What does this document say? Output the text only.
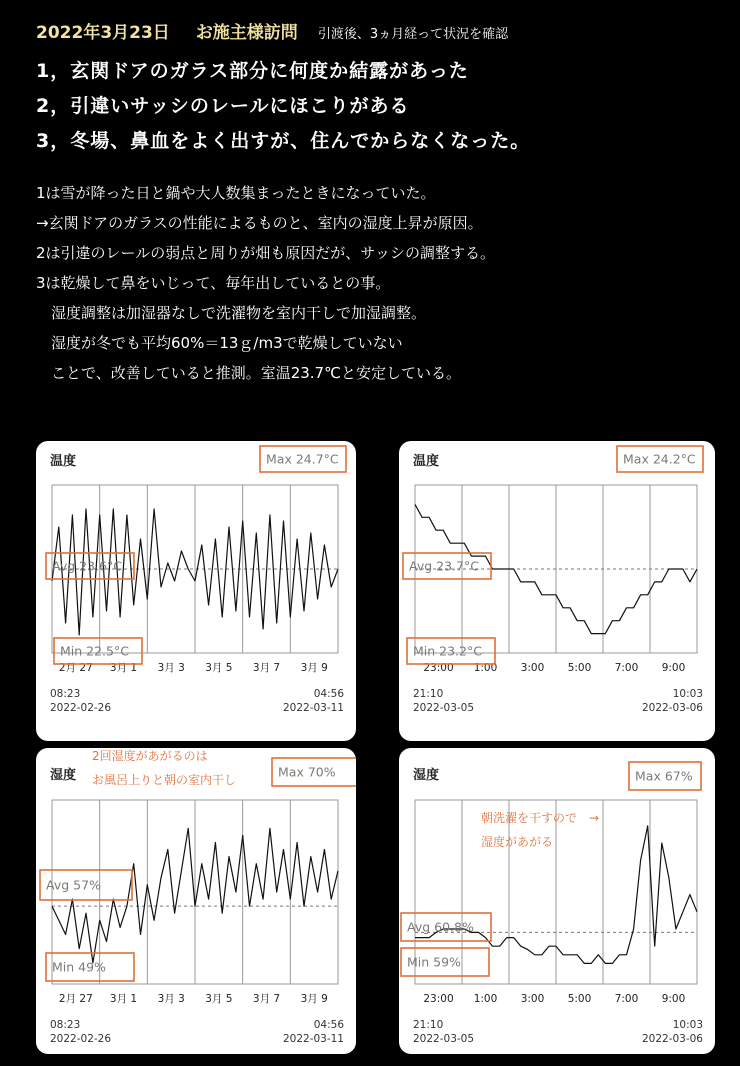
2022年3月23日 お施主様訪問 引渡後、3ヵ月経って状況を確認
1，玄関ドアのガラス部分に何度か結露があった
2，引違いサッシのレールにほこりがある
3，冬場、鼻血をよく出すが、住んでからなくなった。
1は雪が降った日と鍋や大人数集まったときになっていた。
→玄関ドアのガラスの性能によるものと、室内の湿度上昇が原因。
2は引違のレールの弱点と周りが畑も原因だが、サッシの調整する。
3は乾燥して鼻をいじって、毎年出しているとの事。
　湿度調整は加湿器なしで洗濯物を室内干しで加湿調整。
　湿度が冬でも平均60%＝13ｇ/m3で乾燥していない
　ことで、改善していると推測。室温23.7℃と安定している。
温度
2月 27 3月 1 3月 3 3月 5 3月 7 3月 9
08:23
2022-02-26
04:56
2022-03-11
Max 24.7°C
Avg 23.6°C
Min 22.5°C
温度
23:00 1:00 3:00 5:00 7:00 9:00
21:10
2022-03-05
10:03
2022-03-06
Max 24.2°C
Avg 23.7°C
Min 23.2°C
湿度
2月 27 3月 1 3月 3 3月 5 3月 7 3月 9
08:23
2022-02-26
04:56
2022-03-11
Max 70%
Avg 57%
Min 49%
2回湿度があがるのは
お風呂上りと朝の室内干し	湿度
23:00 1:00 3:00 5:00 7:00 9:00
21:10
2022-03-05
10:03
2022-03-06
Max 67%
Avg 60.8%
Min 59%
朝洗濯を干すので　→
湿度があがる
